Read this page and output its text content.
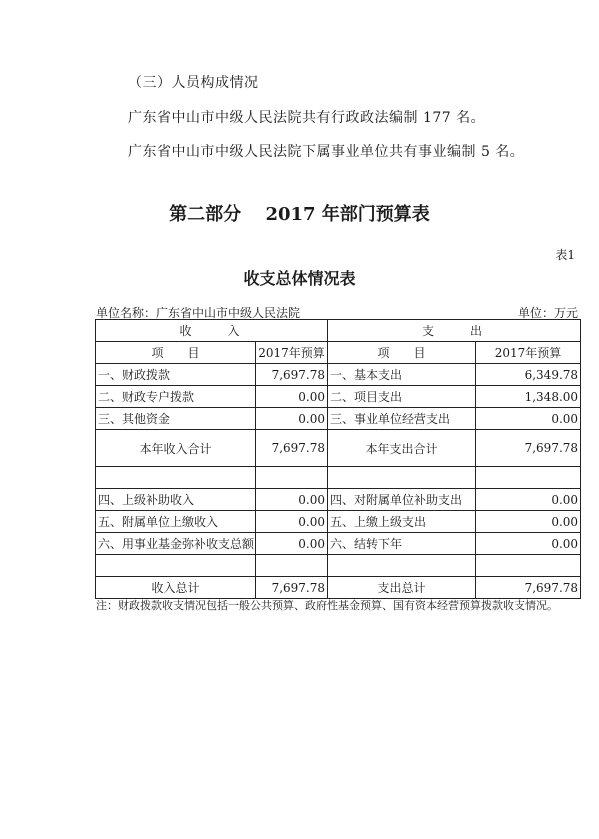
（三）人员构成情况
广东省中山市中级人民法院共有行政政法编制 177 名。
广东省中山市中级人民法院下属事业单位共有事业编制 5 名。
第二部分　 2017 年部门预算表
表1
收支总体情况表
单位名称：广东省中山市中级人民法院	单位：万元
收　　入		支　　出	
项　　目	2017年预算	项　　目	2017年预算
一、财政拨款	7,697.78	一、基本支出	6,349.78
二、财政专户拨款	0.00	二、项目支出	1,348.00
三、其他资金	0.00	三、事业单位经营支出	0.00
本年收入合计	7,697.78	本年支出合计	7,697.78

四、上级补助收入	0.00	四、对附属单位补助支出	0.00
五、附属单位上缴收入	0.00	五、上缴上级支出	0.00
六、用事业基金弥补收支总额	0.00	六、结转下年	0.00

收入总计	7,697.78	支出总计	7,697.78
注：财政拨款收支情况包括一般公共预算、政府性基金预算、国有资本经营预算拨款收支情况。
